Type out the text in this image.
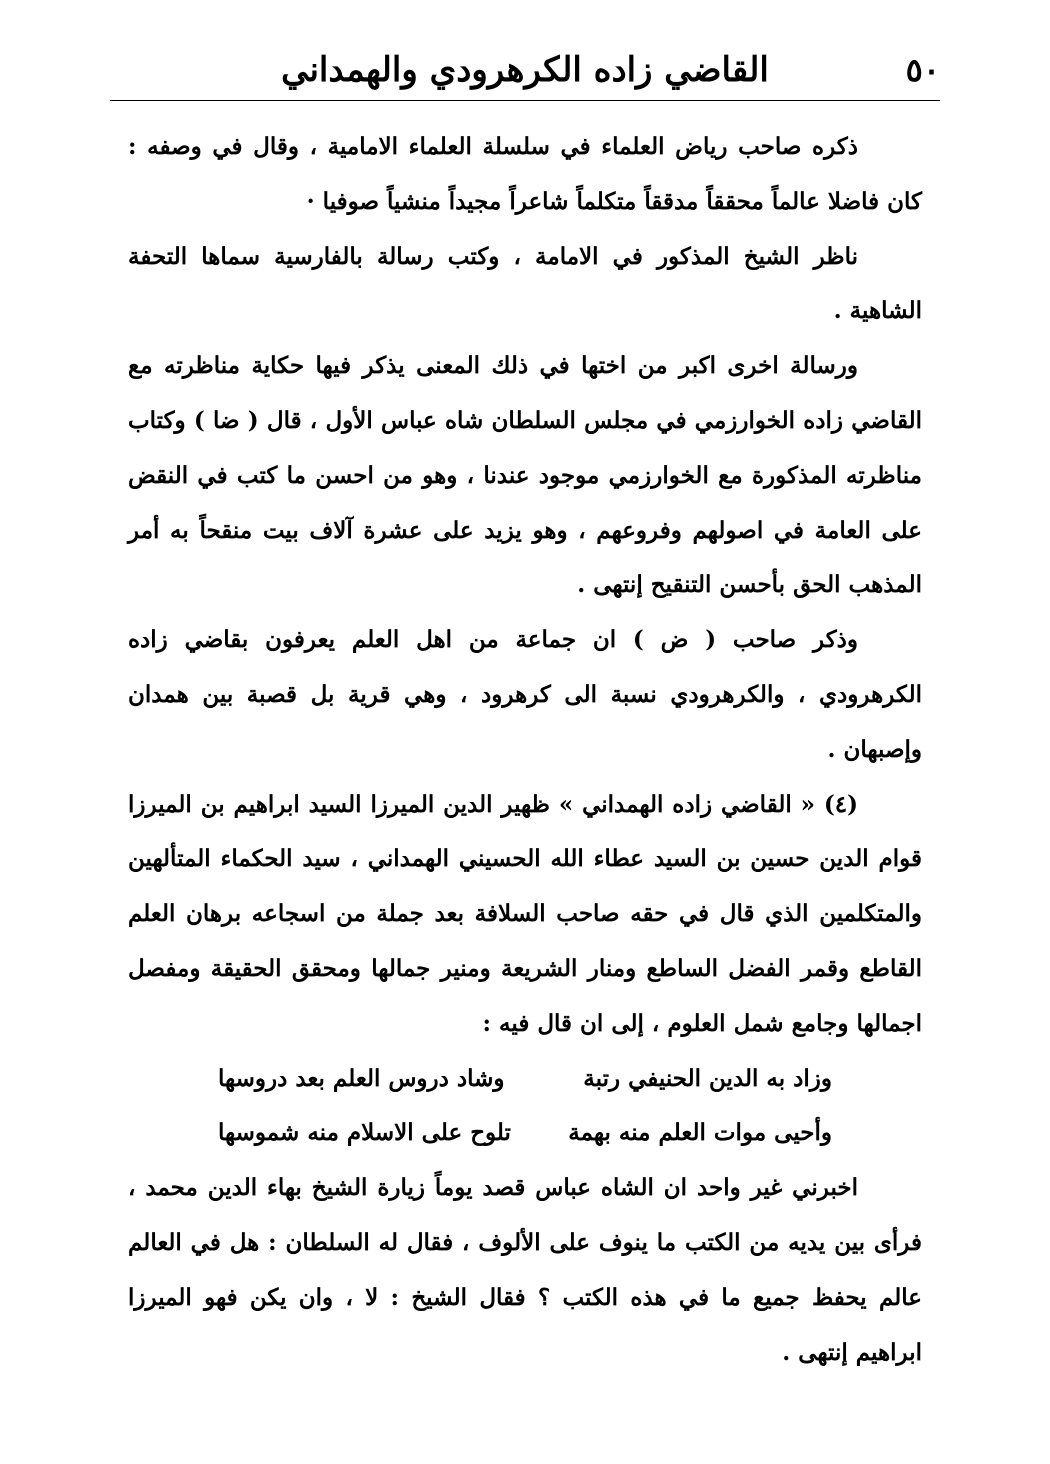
٥٠
القاضي زاده الكرهرودي والهمداني

ذكره صاحب رياض العلماء في سلسلة العلماء الامامية ، وقال في وصفه : كان فاضلا عالماً محققاً مدققاً متكلماً شاعراً مجيداً منشياً صوفيا ·

ناظر الشيخ المذكور في الامامة ، وكتب رسالة بالفارسية سماها التحفة الشاهية .

ورسالة اخرى اكبر من اختها في ذلك المعنى يذكر فيها حكاية مناظرته مع القاضي زاده الخوارزمي في مجلس السلطان شاه عباس الأول ، قال ( ضا ) وكتاب مناظرته المذكورة مع الخوارزمي موجود عندنا ، وهو من احسن ما كتب في النقض على العامة في اصولهم وفروعهم ، وهو يزيد على عشرة آلاف بيت منقحاً به أمر المذهب الحق بأحسن التنقيح إنتهى .

وذكر صاحب ( ض ) ان جماعة من اهل العلم يعرفون بقاضي زاده الكرهرودي ، والكرهرودي نسبة الى كرهرود ، وهي قرية بل قصبة بين همدان وإصبهان .

(٤) « القاضي زاده الهمداني » ظهير الدين الميرزا السيد ابراهيم بن الميرزا قوام الدين حسين بن السيد عطاء الله الحسيني الهمداني ، سيد الحكماء المتألهين والمتكلمين الذي قال في حقه صاحب السلافة بعد جملة من اسجاعه برهان العلم القاطع وقمر الفضل الساطع ومنار الشريعة ومنير جمالها ومحقق الحقيقة ومفصل اجمالها وجامع شمل العلوم ، إلى ان قال فيه :

وزاد به الدين الحنيفي رتبة
وشاد دروس العلم بعد دروسها
وأحيى موات العلم منه بهمة
تلوح على الاسلام منه شموسها

اخبرني غير واحد ان الشاه عباس قصد يوماً زيارة الشيخ بهاء الدين محمد ، فرأى بين يديه من الكتب ما ينوف على الألوف ، فقال له السلطان : هل في العالم عالم يحفظ جميع ما في هذه الكتب ؟ فقال الشيخ : لا ، وان يكن فهو الميرزا ابراهيم إنتهى .
